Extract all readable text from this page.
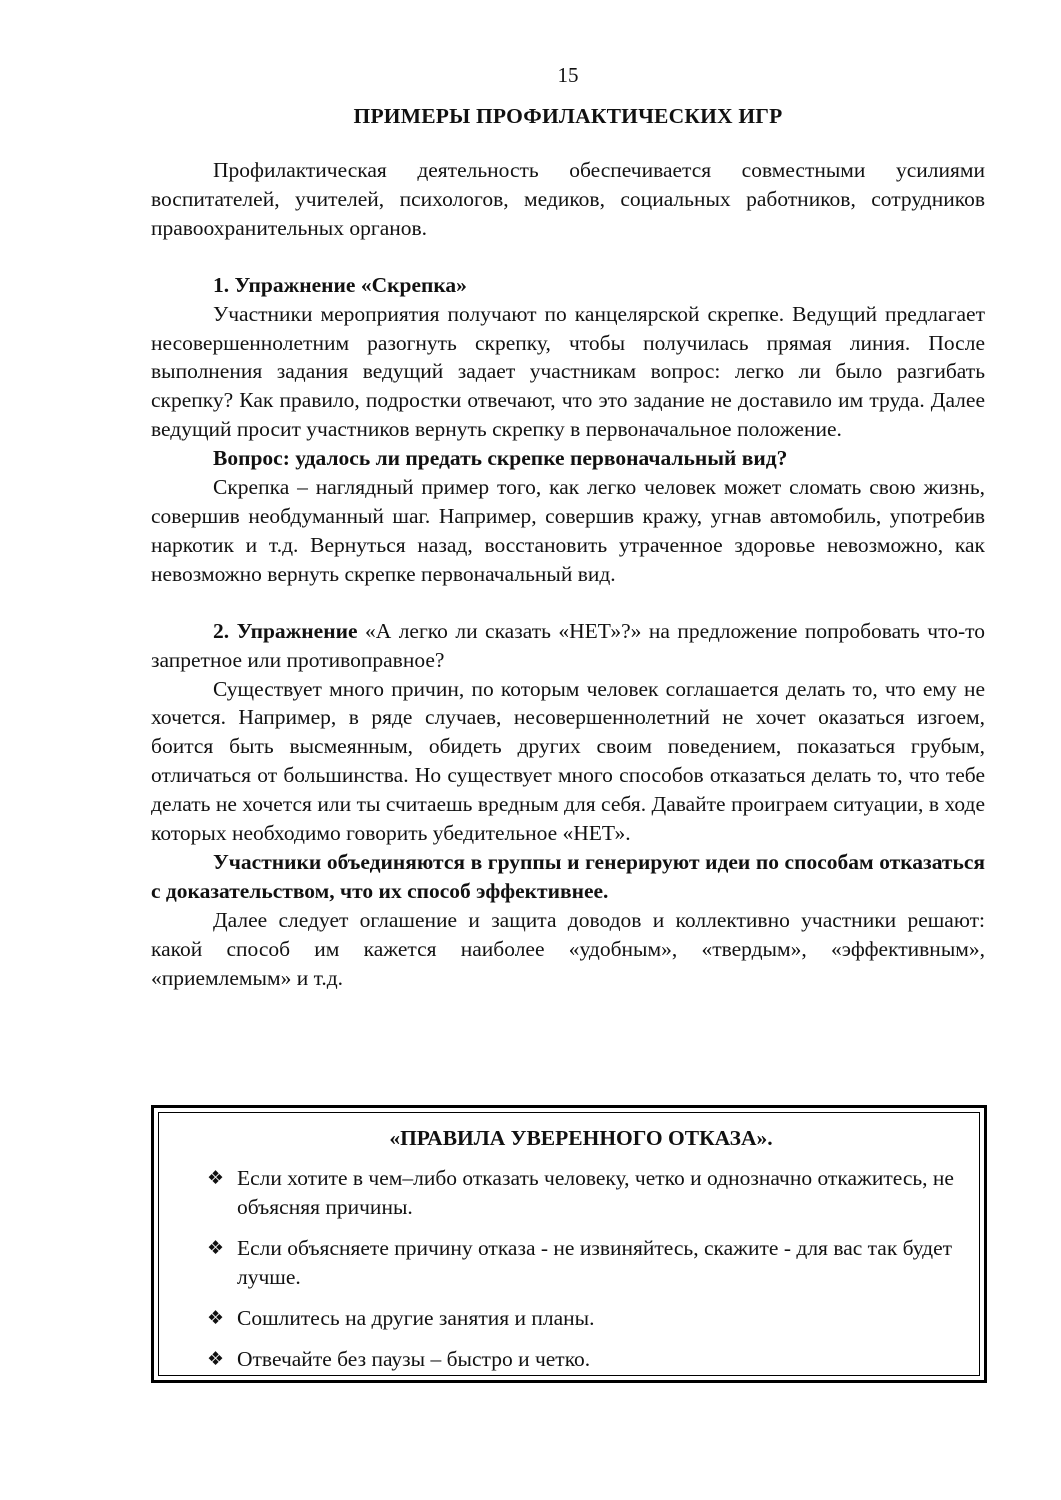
15
ПРИМЕРЫ ПРОФИЛАКТИЧЕСКИХ ИГР

Профилактическая деятельность обеспечивается совместными усилиями воспитателей, учителей, психологов, медиков, социальных работников, сотрудников правоохранительных органов.

1. Упражнение «Скрепка»

Участники мероприятия получают по канцелярской скрепке. Ведущий предлагает несовершеннолетним разогнуть скрепку, чтобы получилась прямая линия. После выполнения задания ведущий задает участникам вопрос: легко ли было разгибать скрепку? Как правило, подростки отвечают, что это задание не доставило им труда. Далее ведущий просит участников вернуть скрепку в первоначальное положение.

Вопрос: удалось ли предать скрепке первоначальный вид?

Скрепка – наглядный пример того, как легко человек может сломать свою жизнь, совершив необдуманный шаг. Например, совершив кражу, угнав автомобиль, употребив наркотик и т.д. Вернуться назад, восстановить утраченное здоровье невозможно, как невозможно вернуть скрепке первоначальный вид.

2. Упражнение «А легко ли сказать «НЕТ»?» на предложение попробовать что-то запретное или противоправное?

Существует много причин, по которым человек соглашается делать то, что ему не хочется. Например, в ряде случаев, несовершеннолетний не хочет оказаться изгоем, боится быть высмеянным, обидеть других своим поведением, показаться грубым, отличаться от большинства. Но существует много способов отказаться делать то, что тебе делать не хочется или ты считаешь вредным для себя. Давайте проиграем ситуации, в ходе которых необходимо говорить убедительное «НЕТ».

Участники объединяются в группы и генерируют идеи по способам отказаться с доказательством, что их способ эффективнее.

Далее следует оглашение и защита доводов и коллективно участники решают: какой способ им кажется наиболее «удобным», «твердым», «эффективным», «приемлемым» и т.д.

«ПРАВИЛА УВЕРЕННОГО ОТКАЗА».
❖ Если хотите в чем–либо отказать человеку, четко и однозначно откажитесь, не объясняя причины.
❖ Если объясняете причину отказа - не извиняйтесь, скажите - для вас так будет лучше.
❖ Сошлитесь на другие занятия и планы.
❖ Отвечайте без паузы – быстро и четко.
